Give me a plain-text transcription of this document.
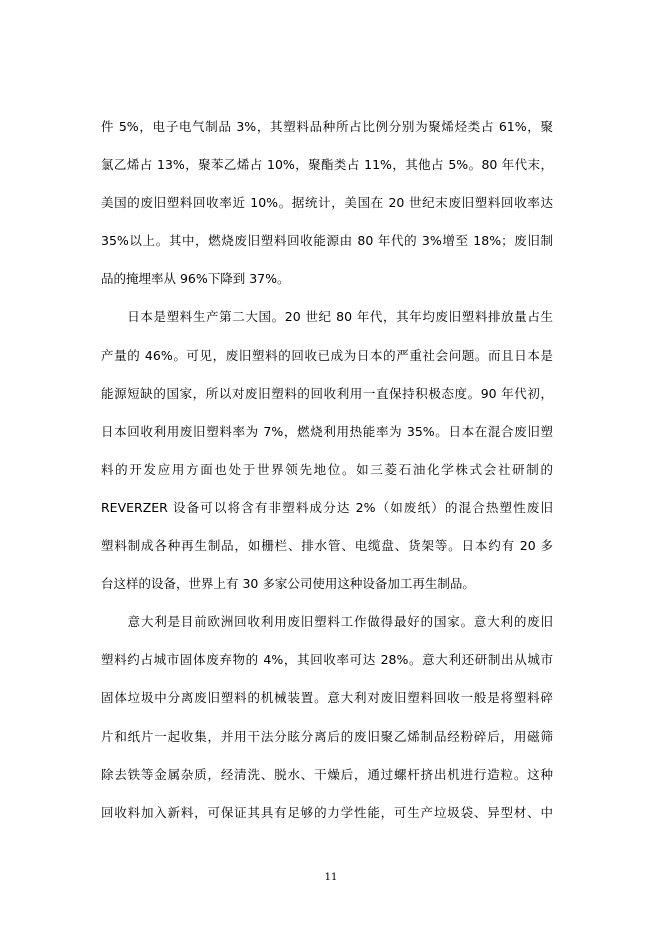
件 5%，电子电气制品 3%，其塑料品种所占比例分别为聚烯烃类占 61%，聚

氯乙烯占 13%，聚苯乙烯占 10%，聚酯类占 11%，其他占 5%。80 年代末，

美国的废旧塑料回收率近 10%。据统计，美国在 20 世纪末废旧塑料回收率达

35%以上。其中，燃烧废旧塑料回收能源由 80 年代的 3%增至 18%；废旧制

品的掩埋率从 96%下降到 37%。

　　日本是塑料生产第二大国。20 世纪 80 年代，其年均废旧塑料排放量占生

产量的 46%。可见，废旧塑料的回收已成为日本的严重社会问题。而且日本是

能源短缺的国家，所以对废旧塑料的回收利用一直保持积极态度。90 年代初，

日本回收利用废旧塑料率为 7%，燃烧利用热能率为 35%。日本在混合废旧塑

料的开发应用方面也处于世界领先地位。如三菱石油化学株式会社研制的

REVERZER 设备可以将含有非塑料成分达 2%（如废纸）的混合热塑性废旧

塑料制成各种再生制品，如栅栏、排水管、电缆盘、货架等。日本约有 20 多

台这样的设备，世界上有 30 多家公司使用这种设备加工再生制品。

　　意大利是目前欧洲回收利用废旧塑料工作做得最好的国家。意大利的废旧

塑料约占城市固体废弃物的 4%，其回收率可达 28%。意大利还研制出从城市

固体垃圾中分离废旧塑料的机械装置。意大利对废旧塑料回收一般是将塑料碎

片和纸片一起收集，并用干法分眩分离后的废旧聚乙烯制品经粉碎后，用磁筛

除去铁等金属杂质，经清洗、脱水、干燥后，通过螺杆挤出机进行造粒。这种

回收料加入新料，可保证其具有足够的力学性能，可生产垃圾袋、异型材、中

11
